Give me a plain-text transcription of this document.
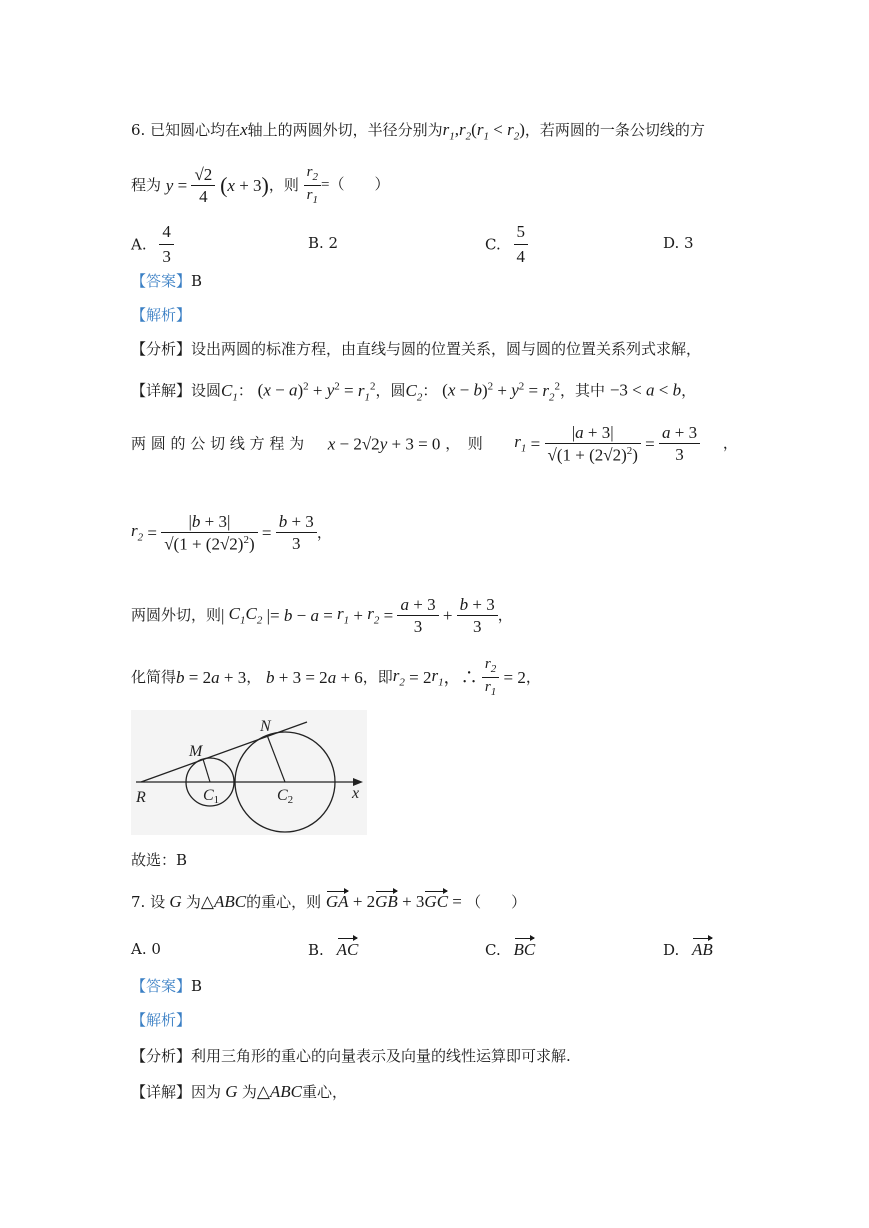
6. 已知圆心均在x轴上的两圆外切，半径分别为$r_1,r_2(r_1 < r_2)$，若两圆的一条公切线的方
程为 $y = \frac{√2}{4} (x + 3)$，则 $\frac{r_2}{r_1}$ =（　　）
A. $\frac{4}{3}$	B. 2	C. $\frac{5}{4}$	D. 3
【答案】B
【解析】
【分析】设出两圆的标准方程，由直线与圆的位置关系，圆与圆的位置关系列式求解，
【详解】设圆$C_1$： $(x - a)^2 + y^2 = r_1^2$，圆$C_2$： $(x - b)^2 + y^2 = r_2^2$，其中 −3 < a < b，
两 圆 的 公 切 线 方 程 为 x − 2√2y + 3 = 0 ，　则 $r_1 = \frac{|a + 3|}{√(1 + (2√2)^2)} = \frac{a + 3}{3}$ ，
$r_2 = \frac{|b + 3|}{√(1 + (2√2)^2)} = \frac{b + 3}{3}$ ，
两圆外切，则| $C_1C_2$ |= $b - a = r_1 + r_2 = \frac{a + 3}{3} + \frac{b + 3}{3}$ ，
化简得b = 2a + 3， b + 3 = 2a + 6，即$r_2 = 2r_1$，∴ $\frac{r_2}{r_1} = 2$，
M
N
R	C1	C2	x
故选：B
7. 设 G 为△ABC的重心，则 GA + 2GB + 3GC = （　　）
A. 0	B. AC	C. BC	D. AB
【答案】B
【解析】
【分析】利用三角形的重心的向量表示及向量的线性运算即可求解.
【详解】因为 G 为△ABC重心，
